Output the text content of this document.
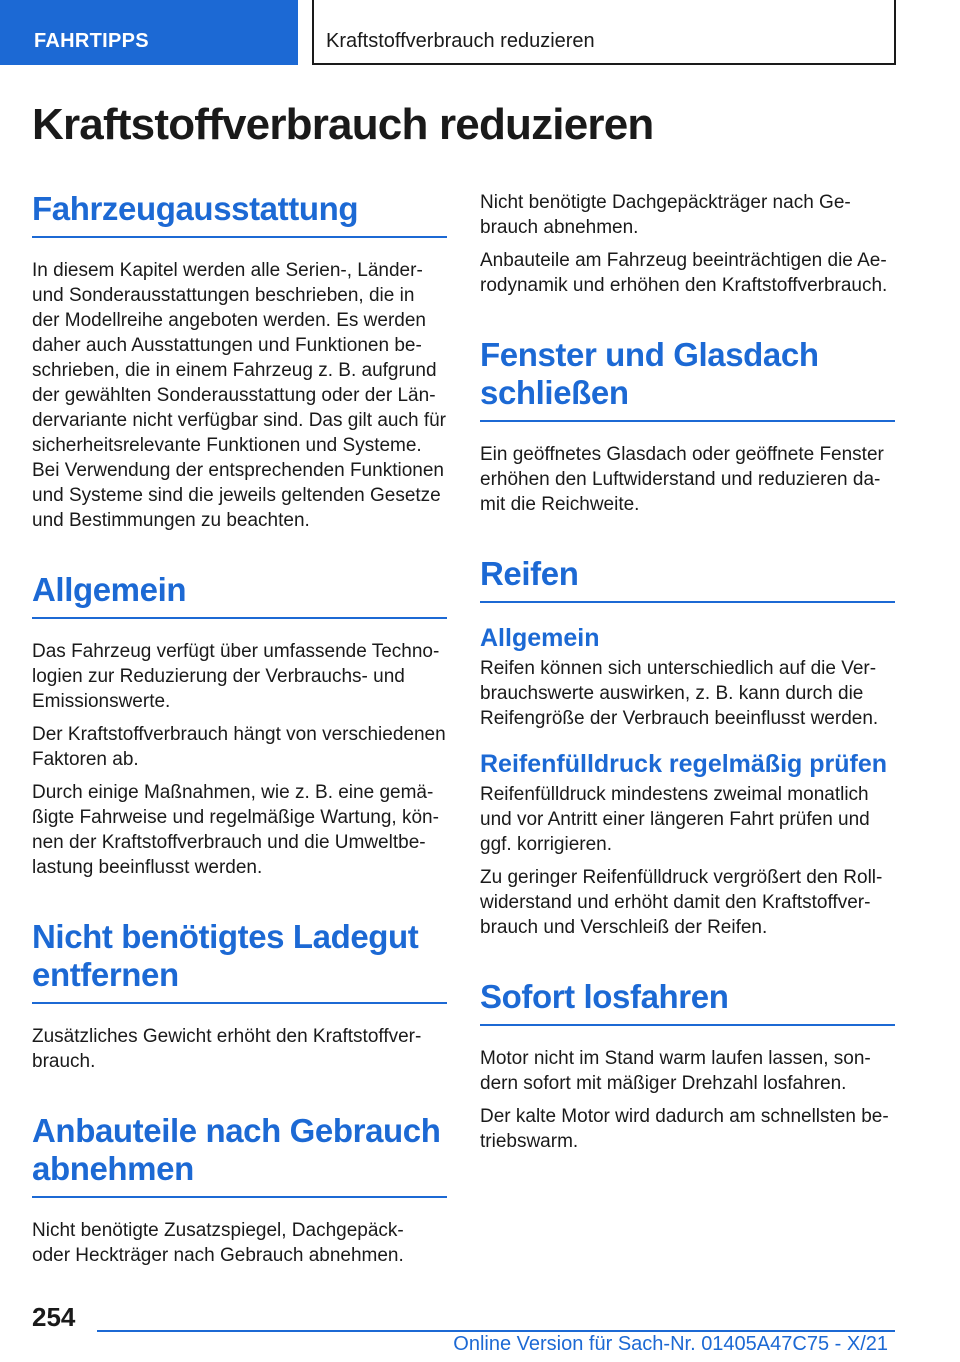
FAHRTIPPS	Kraftstoffverbrauch reduzieren
Kraftstoffverbrauch reduzieren
Fahrzeugausstattung

In diesem Kapitel werden alle Serien-, Länder- und Sonderausstattungen beschrieben, die in der Modellreihe angeboten werden. Es werden daher auch Ausstattungen und Funktionen beschrieben, die in einem Fahrzeug z. B. aufgrund der gewählten Sonderausstattung oder der Ländervariante nicht verfügbar sind. Das gilt auch für sicherheitsrelevante Funktionen und Systeme. Bei Verwendung der entsprechenden Funktionen und Systeme sind die jeweils geltenden Gesetze und Bestimmungen zu beachten.

Allgemein

Das Fahrzeug verfügt über umfassende Technologien zur Reduzierung der Verbrauchs- und Emissionswerte.

Der Kraftstoffverbrauch hängt von verschiedenen Faktoren ab.

Durch einige Maßnahmen, wie z. B. eine gemäßigte Fahrweise und regelmäßige Wartung, können der Kraftstoffverbrauch und die Umweltbelastung beeinflusst werden.

Nicht benötigtes Ladegut entfernen

Zusätzliches Gewicht erhöht den Kraftstoffverbrauch.

Anbauteile nach Gebrauch abnehmen

Nicht benötigte Zusatzspiegel, Dachgepäck- oder Heckträger nach Gebrauch abnehmen.

Nicht benötigte Dachgepäckträger nach Gebrauch abnehmen.

Anbauteile am Fahrzeug beeinträchtigen die Aerodynamik und erhöhen den Kraftstoffverbrauch.

Fenster und Glasdach schließen

Ein geöffnetes Glasdach oder geöffnete Fenster erhöhen den Luftwiderstand und reduzieren damit die Reichweite.

Reifen
Allgemein

Reifen können sich unterschiedlich auf die Verbrauchswerte auswirken, z. B. kann durch die Reifengröße der Verbrauch beeinflusst werden.

Reifenfülldruck regelmäßig prüfen

Reifenfülldruck mindestens zweimal monatlich und vor Antritt einer längeren Fahrt prüfen und ggf. korrigieren.

Zu geringer Reifenfülldruck vergrößert den Rollwiderstand und erhöht damit den Kraftstoffverbrauch und Verschleiß der Reifen.

Sofort losfahren

Motor nicht im Stand warm laufen lassen, sondern sofort mit mäßiger Drehzahl losfahren.

Der kalte Motor wird dadurch am schnellsten betriebswarm.

254
Online Version für Sach-Nr. 01405A47C75 - X/21
